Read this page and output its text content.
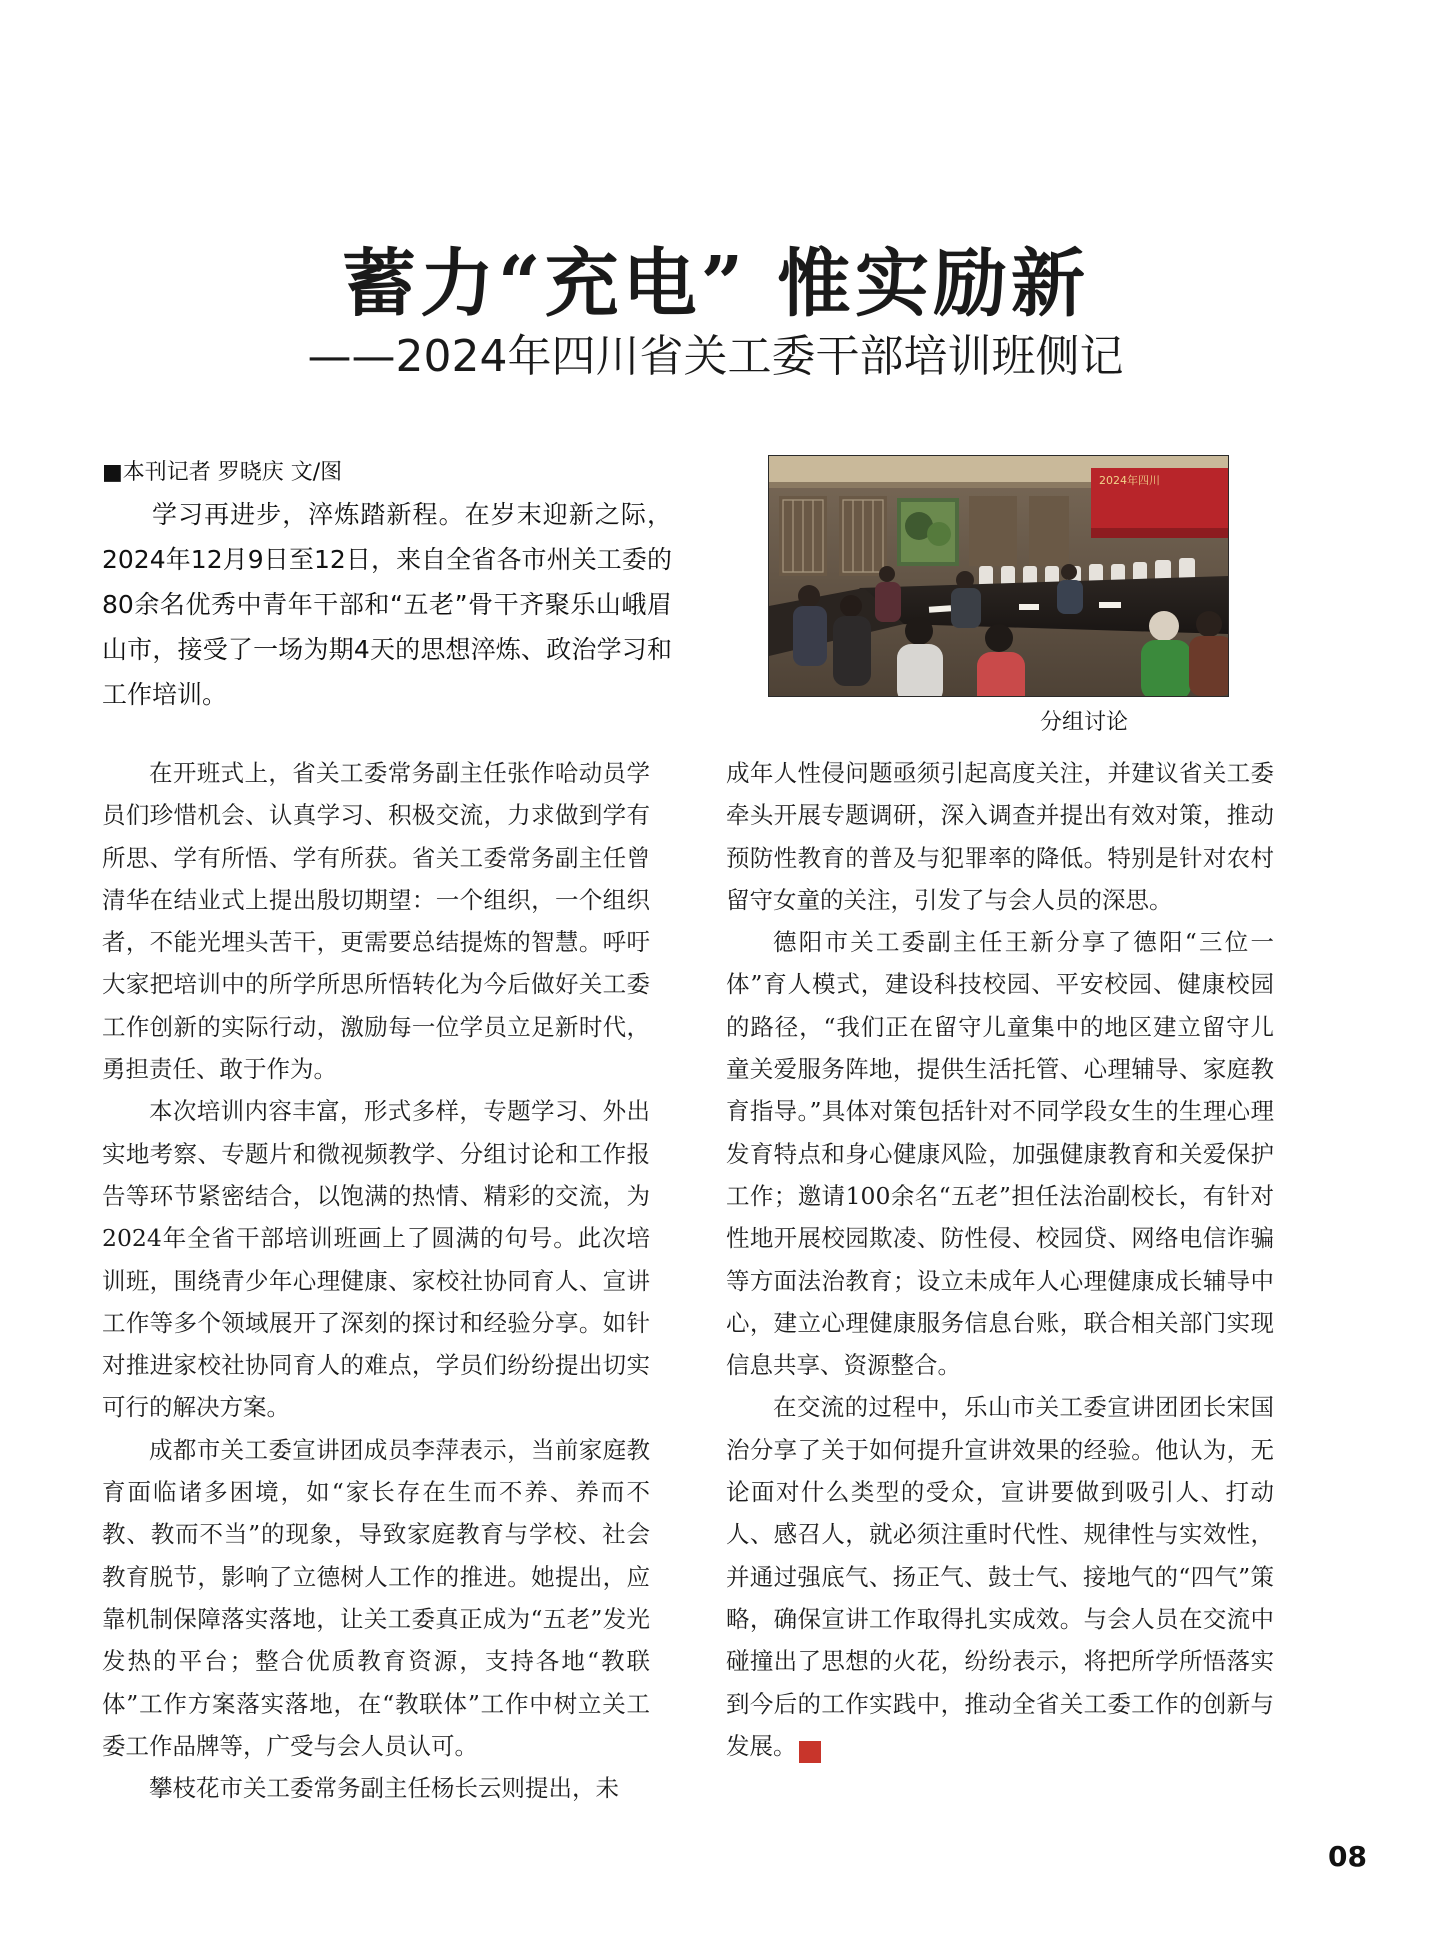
蓄力“充电” 惟实励新
——2024年四川省关工委干部培训班侧记
■本刊记者 罗晓庆 文/图

学习再进步，淬炼踏新程。在岁末迎新之际，2024年12月9日至12日，来自全省各市州关工委的80余名优秀中青年干部和“五老”骨干齐聚乐山峨眉山市，接受了一场为期4天的思想淬炼、政治学习和工作培训。

2024年四川
分组讨论

在开班式上，省关工委常务副主任张作哈动员学员们珍惜机会、认真学习、积极交流，力求做到学有所思、学有所悟、学有所获。省关工委常务副主任曾清华在结业式上提出殷切期望：一个组织，一个组织者，不能光埋头苦干，更需要总结提炼的智慧。呼吁大家把培训中的所学所思所悟转化为今后做好关工委工作创新的实际行动，激励每一位学员立足新时代，勇担责任、敢于作为。

本次培训内容丰富，形式多样，专题学习、外出实地考察、专题片和微视频教学、分组讨论和工作报告等环节紧密结合，以饱满的热情、精彩的交流，为2024年全省干部培训班画上了圆满的句号。此次培训班，围绕青少年心理健康、家校社协同育人、宣讲工作等多个领域展开了深刻的探讨和经验分享。如针对推进家校社协同育人的难点，学员们纷纷提出切实可行的解决方案。

成都市关工委宣讲团成员李萍表示，当前家庭教育面临诸多困境，如“家长存在生而不养、养而不教、教而不当”的现象，导致家庭教育与学校、社会教育脱节，影响了立德树人工作的推进。她提出，应靠机制保障落实落地，让关工委真正成为“五老”发光发热的平台；整合优质教育资源，支持各地“教联体”工作方案落实落地，在“教联体”工作中树立关工委工作品牌等，广受与会人员认可。

攀枝花市关工委常务副主任杨长云则提出，未

成年人性侵问题亟须引起高度关注，并建议省关工委牵头开展专题调研，深入调查并提出有效对策，推动预防性教育的普及与犯罪率的降低。特别是针对农村留守女童的关注，引发了与会人员的深思。

德阳市关工委副主任王新分享了德阳“三位一体”育人模式，建设科技校园、平安校园、健康校园的路径，“我们正在留守儿童集中的地区建立留守儿童关爱服务阵地，提供生活托管、心理辅导、家庭教育指导。”具体对策包括针对不同学段女生的生理心理发育特点和身心健康风险，加强健康教育和关爱保护工作；邀请100余名“五老”担任法治副校长，有针对性地开展校园欺凌、防性侵、校园贷、网络电信诈骗等方面法治教育；设立未成年人心理健康成长辅导中心，建立心理健康服务信息台账，联合相关部门实现信息共享、资源整合。

在交流的过程中，乐山市关工委宣讲团团长宋国治分享了关于如何提升宣讲效果的经验。他认为，无论面对什么类型的受众，宣讲要做到吸引人、打动人、感召人，就必须注重时代性、规律性与实效性，并通过强底气、扬正气、鼓士气、接地气的“四气”策略，确保宣讲工作取得扎实成效。与会人员在交流中碰撞出了思想的火花，纷纷表示，将把所学所悟落实到今后的工作实践中，推动全省关工委工作的创新与发展。	关

08
